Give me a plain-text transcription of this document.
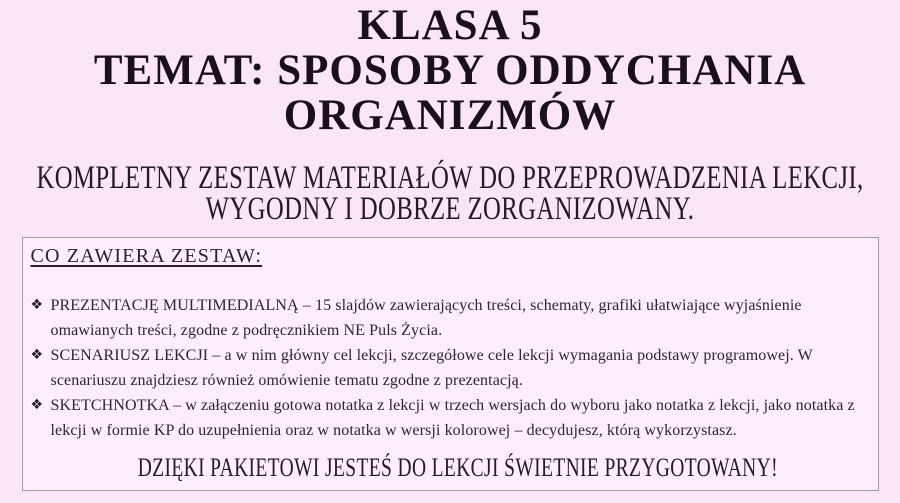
KLASA 5
TEMAT: SPOSOBY ODDYCHANIA ORGANIZMÓW
KOMPLETNY ZESTAW MATERIAŁÓW DO PRZEPROWADZENIA LEKCJI, WYGODNY I DOBRZE ZORGANIZOWANY.
CO ZAWIERA ZESTAW:
❖ PREZENTACJĘ MULTIMEDIALNĄ – 15 slajdów zawierających treści, schematy, grafiki ułatwiające wyjaśnienie omawianych treści, zgodne z podręcznikiem NE Puls Życia.
❖ SCENARIUSZ LEKCJI – a w nim główny cel lekcji, szczegółowe cele lekcji wymagania podstawy programowej. W scenariuszu znajdziesz również omówienie tematu zgodne z prezentacją.
❖ SKETCHNOTKA – w załączeniu gotowa notatka z lekcji w trzech wersjach do wyboru jako notatka z lekcji, jako notatka z lekcji w formie KP do uzupełnienia oraz w notatka w wersji kolorowej – decydujesz, którą wykorzystasz.
DZIĘKI PAKIETOWI JESTEŚ DO LEKCJI ŚWIETNIE PRZYGOTOWANY!
